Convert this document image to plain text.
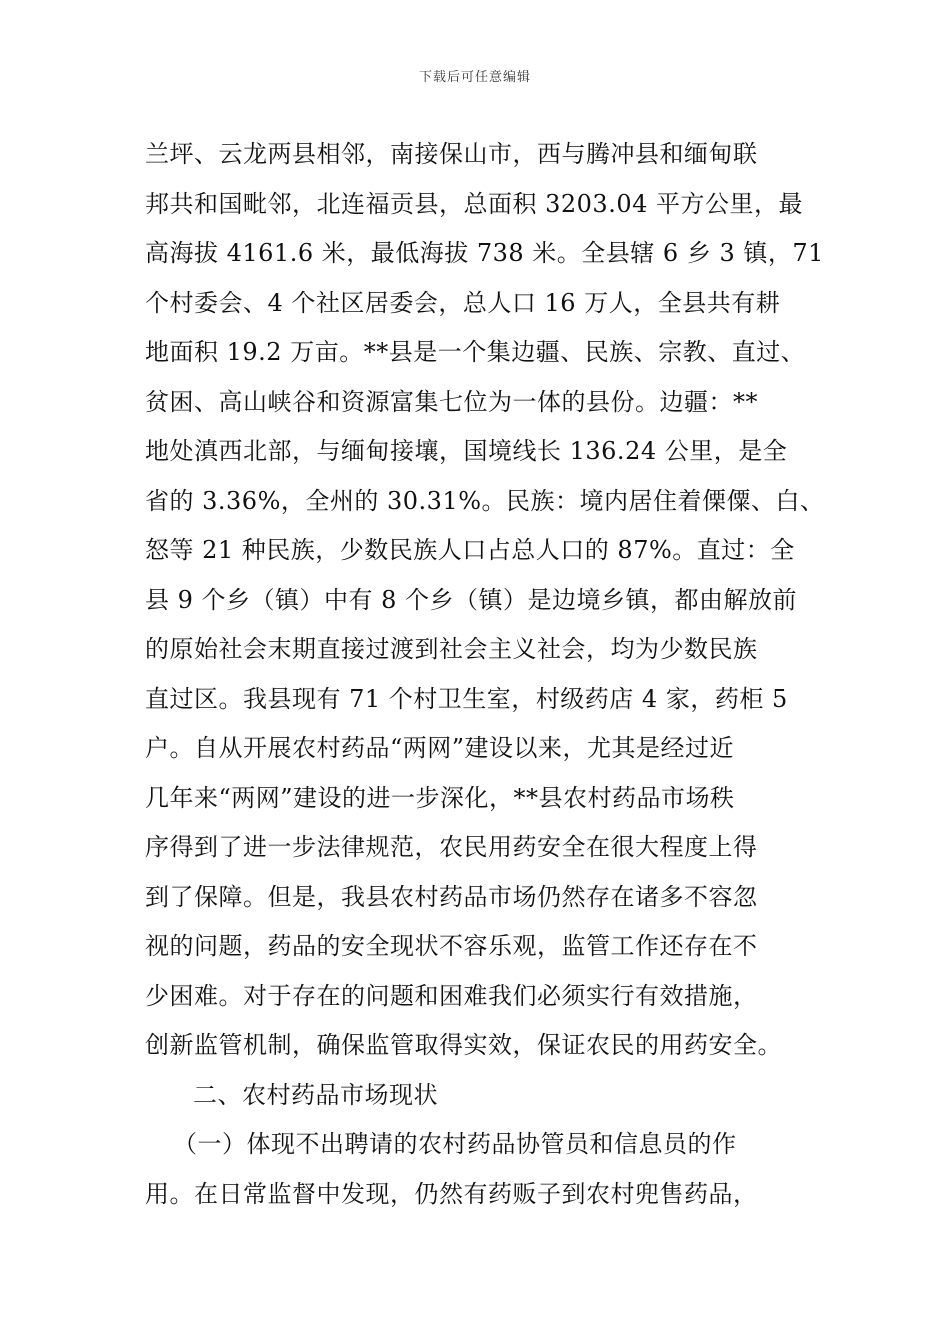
下载后可任意编辑
兰坪、云龙两县相邻，南接保山市，西与腾冲县和缅甸联
邦共和国毗邻，北连福贡县，总面积 3203.04 平方公里，最
高海拔 4161.6 米，最低海拔 738 米。全县辖 6 乡 3 镇，71
个村委会、4 个社区居委会，总人口 16 万人，全县共有耕
地面积 19.2 万亩。**县是一个集边疆、民族、宗教、直过、
贫困、高山峡谷和资源富集七位为一体的县份。边疆：**
地处滇西北部，与缅甸接壤，国境线长 136.24 公里，是全
省的 3.36%，全州的 30.31%。民族：境内居住着傈僳、白、
怒等 21 种民族，少数民族人口占总人口的 87%。直过：全
县 9 个乡（镇）中有 8 个乡（镇）是边境乡镇，都由解放前
的原始社会末期直接过渡到社会主义社会，均为少数民族
直过区。我县现有 71 个村卫生室，村级药店 4 家，药柜 5
户。自从开展农村药品“两网”建设以来，尤其是经过近
几年来“两网”建设的进一步深化，**县农村药品市场秩
序得到了进一步法律规范，农民用药安全在很大程度上得
到了保障。但是，我县农村药品市场仍然存在诸多不容忽
视的问题，药品的安全现状不容乐观，监管工作还存在不
少困难。对于存在的问题和困难我们必须实行有效措施，
创新监管机制，确保监管取得实效，保证农民的用药安全。
二、农村药品市场现状
（一）体现不出聘请的农村药品协管员和信息员的作
用。在日常监督中发现，仍然有药贩子到农村兜售药品，
